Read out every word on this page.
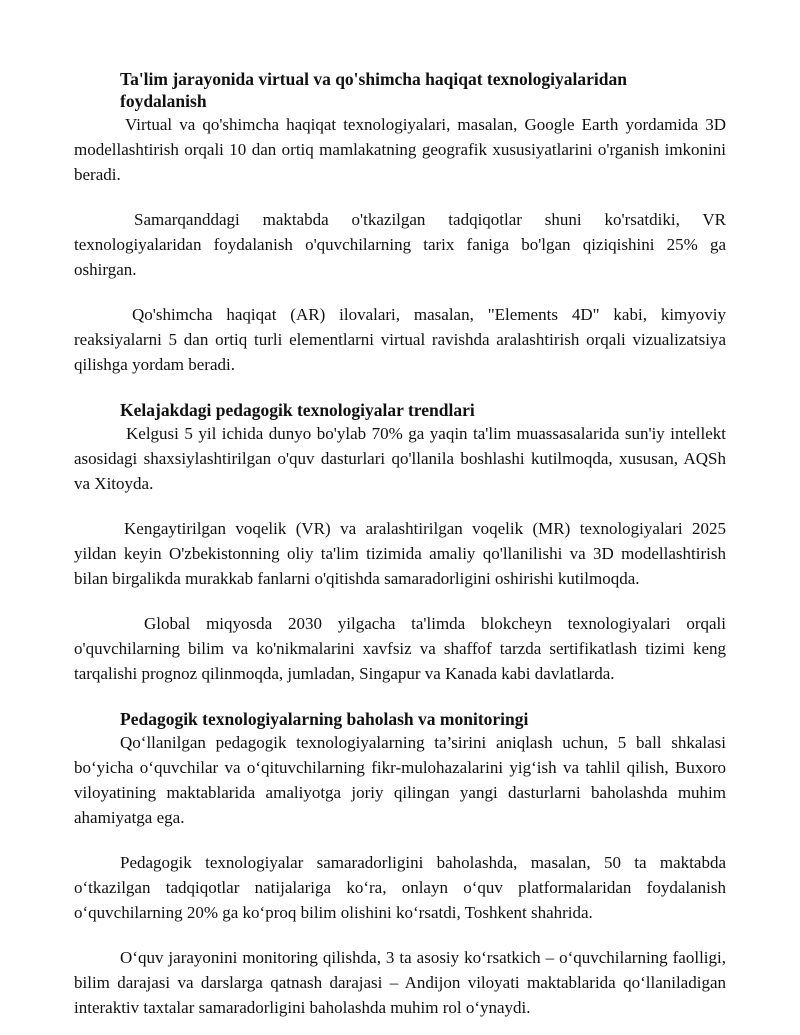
Ta'lim jarayonida virtual va qo'shimcha haqiqat texnologiyalaridan foydalanish

Virtual va qo'shimcha haqiqat texnologiyalari, masalan, Google Earth yordamida 3D modellashtirish orqali 10 dan ortiq mamlakatning geografik xususiyatlarini o'rganish imkonini beradi.

Samarqanddagi maktabda o'tkazilgan tadqiqotlar shuni ko'rsatdiki, VR texnologiyalaridan foydalanish o'quvchilarning tarix faniga bo'lgan qiziqishini 25% ga oshirgan.

Qo'shimcha haqiqat (AR) ilovalari, masalan, "Elements 4D" kabi, kimyoviy reaksiyalarni 5 dan ortiq turli elementlarni virtual ravishda aralashtirish orqali vizualizatsiya qilishga yordam beradi.

Kelajakdagi pedagogik texnologiyalar trendlari

Kelgusi 5 yil ichida dunyo bo'ylab 70% ga yaqin ta'lim muassasalarida sun'iy intellekt asosidagi shaxsiylashtirilgan o'quv dasturlari qo'llanila boshlashi kutilmoqda, xususan, AQSh va Xitoyda.

Kengaytirilgan voqelik (VR) va aralashtirilgan voqelik (MR) texnologiyalari 2025 yildan keyin O'zbekistonning oliy ta'lim tizimida amaliy qo'llanilishi va 3D modellashtirish bilan birgalikda murakkab fanlarni o'qitishda samaradorligini oshirishi kutilmoqda.

Global miqyosda 2030 yilgacha ta'limda blokcheyn texnologiyalari orqali o'quvchilarning bilim va ko'nikmalarini xavfsiz va shaffof tarzda sertifikatlash tizimi keng tarqalishi prognoz qilinmoqda, jumladan, Singapur va Kanada kabi davlatlarda.

Pedagogik texnologiyalarning baholash va monitoringi

Qo‘llanilgan pedagogik texnologiyalarning ta’sirini aniqlash uchun, 5 ball shkalasi bo‘yicha o‘quvchilar va o‘qituvchilarning fikr-mulohazalarini yig‘ish va tahlil qilish, Buxoro viloyatining maktablarida amaliyotga joriy qilingan yangi dasturlarni baholashda muhim ahamiyatga ega.

Pedagogik texnologiyalar samaradorligini baholashda, masalan, 50 ta maktabda o‘tkazilgan tadqiqotlar natijalariga ko‘ra, onlayn o‘quv platformalaridan foydalanish o‘quvchilarning 20% ga ko‘proq bilim olishini ko‘rsatdi, Toshkent shahrida.

O‘quv jarayonini monitoring qilishda, 3 ta asosiy ko‘rsatkich – o‘quvchilarning faolligi, bilim darajasi va darslarga qatnash darajasi – Andijon viloyati maktablarida qo‘llaniladigan interaktiv taxtalar samaradorligini baholashda muhim rol o‘ynaydi.
